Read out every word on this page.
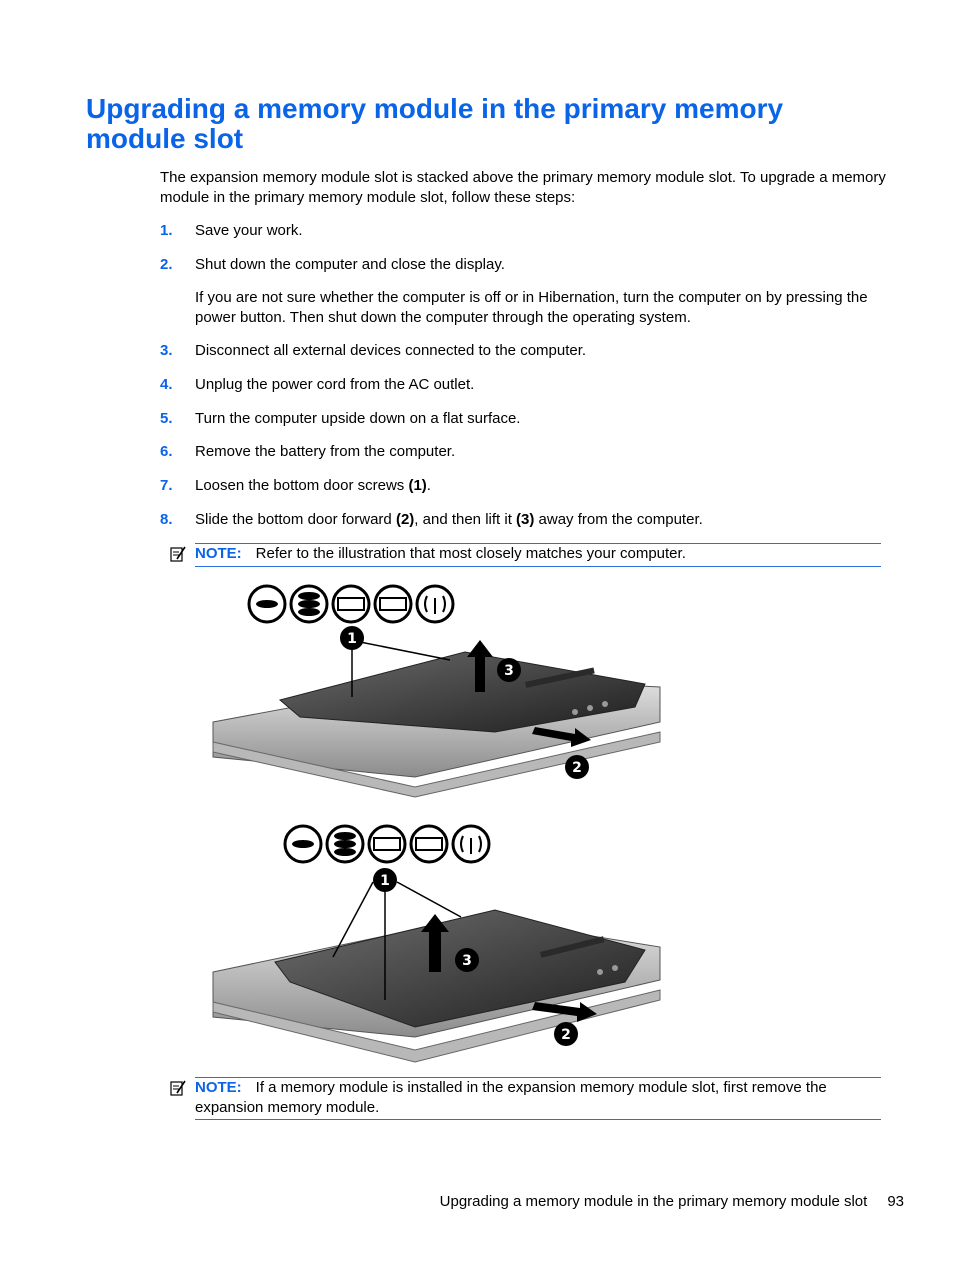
Upgrading a memory module in the primary memory module slot

The expansion memory module slot is stacked above the primary memory module slot. To upgrade a memory module in the primary memory module slot, follow these steps:

1. Save your work.
2. Shut down the computer and close the display.

If you are not sure whether the computer is off or in Hibernation, turn the computer on by pressing the power button. Then shut down the computer through the operating system.

3. Disconnect all external devices connected to the computer.
4. Unplug the power cord from the AC outlet.
5. Turn the computer upside down on a flat surface.
6. Remove the battery from the computer.
7. Loosen the bottom door screws (1).
8. Slide the bottom door forward (2), and then lift it (3) away from the computer.
NOTE: Refer to the illustration that most closely matches your computer.
1
2
3
1
2
3
NOTE: If a memory module is installed in the expansion memory module slot, first remove the expansion memory module.
Upgrading a memory module in the primary memory module slot 93
